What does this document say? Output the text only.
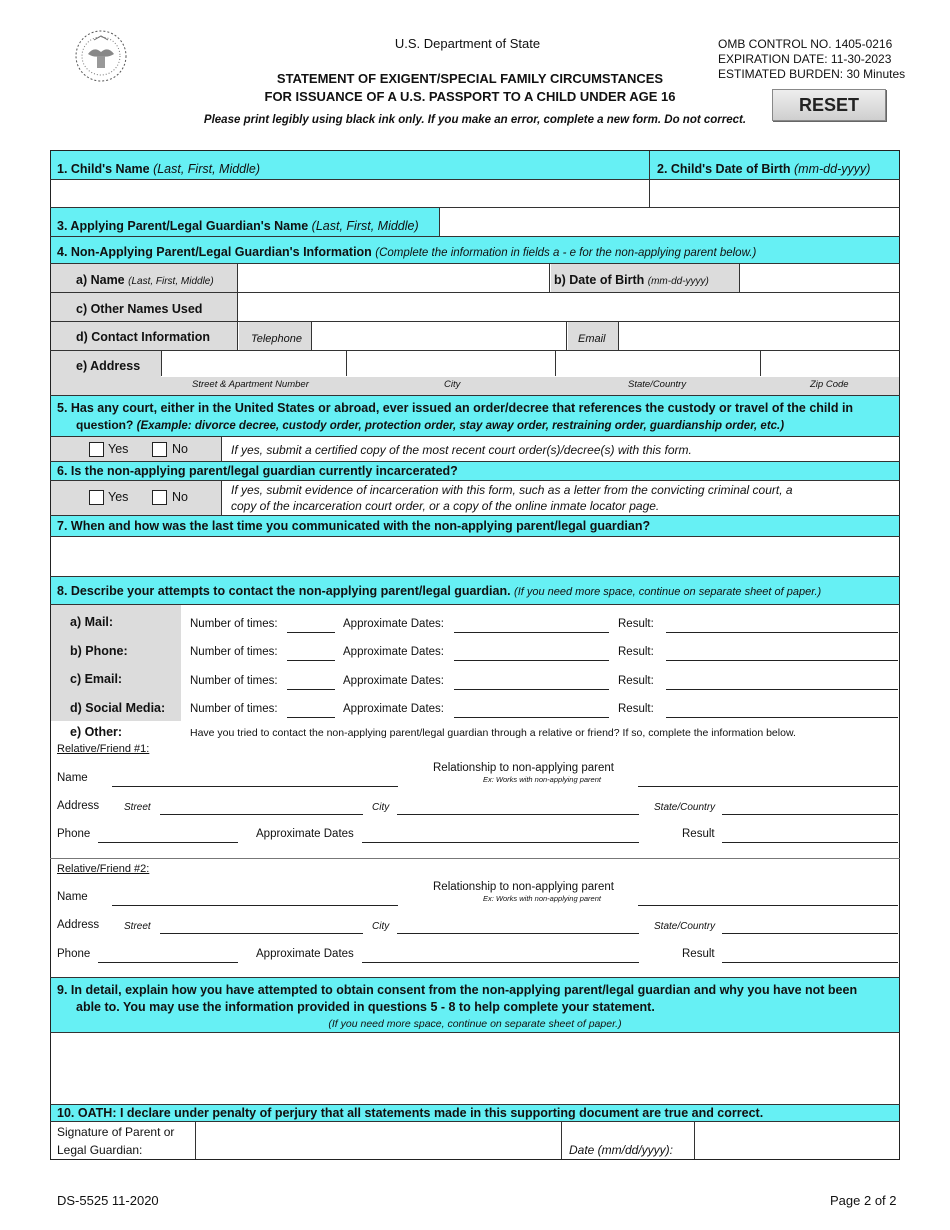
U.S. Department of State
STATEMENT OF EXIGENT/SPECIAL FAMILY CIRCUMSTANCES
FOR ISSUANCE OF A U.S. PASSPORT TO A CHILD UNDER AGE 16
Please print legibly using black ink only. If you make an error, complete a new form. Do not correct.
OMB CONTROL NO. 1405-0216
EXPIRATION DATE: 11-30-2023
ESTIMATED BURDEN: 30 Minutes
RESET
1. Child's Name (Last, First, Middle)	2. Child's Date of Birth (mm-dd-yyyy)
3. Applying Parent/Legal Guardian's Name (Last, First, Middle)
4. Non-Applying Parent/Legal Guardian's Information (Complete the information in fields a - e for the non-applying parent below.)
a) Name (Last, First, Middle)	b) Date of Birth (mm-dd-yyyy)
c) Other Names Used
d) Contact Information	Telephone	Email
e) Address
Street & Apartment Number	City	State/Country	Zip Code
5. Has any court, either in the United States or abroad, ever issued an order/decree that references the custody or travel of the child in
question? (Example: divorce decree, custody order, protection order, stay away order, restraining order, guardianship order, etc.)
Yes	No	If yes, submit a certified copy of the most recent court order(s)/decree(s) with this form.
6. Is the non-applying parent/legal guardian currently incarcerated?
Yes	No	If yes, submit evidence of incarceration with this form, such as a letter from the convicting criminal court, a
copy of the incarceration court order, or a copy of the online inmate locator page.
7. When and how was the last time you communicated with the non-applying parent/legal guardian?
8. Describe your attempts to contact the non-applying parent/legal guardian. (If you need more space, continue on separate sheet of paper.)
a) Mail:	Number of times:	Approximate Dates:	Result:
b) Phone:	Number of times:	Approximate Dates:	Result:
c) Email:	Number of times:	Approximate Dates:	Result:
d) Social Media: Number of times:	Approximate Dates:	Result:
e) Other:	Have you tried to contact the non-applying parent/legal guardian through a relative or friend? If so, complete the information below.
Relative/Friend #1:
Name
Relationship to non-applying parent
Ex: Works with non-applying parent
Address Street	City	State/Country
Phone	Approximate Dates	Result
Relative/Friend #2:
Name
Relationship to non-applying parent
Ex: Works with non-applying parent
Address Street	City	State/Country
Phone	Approximate Dates	Result
9. In detail, explain how you have attempted to obtain consent from the non-applying parent/legal guardian and why you have not been
able to. You may use the information provided in questions 5 - 8 to help complete your statement.
(If you need more space, continue on separate sheet of paper.)
10. OATH: I declare under penalty of perjury that all statements made in this supporting document are true and correct.
Signature of Parent or
Legal Guardian:	Date (mm/dd/yyyy):
DS-5525 11-2020	Page 2 of 2
